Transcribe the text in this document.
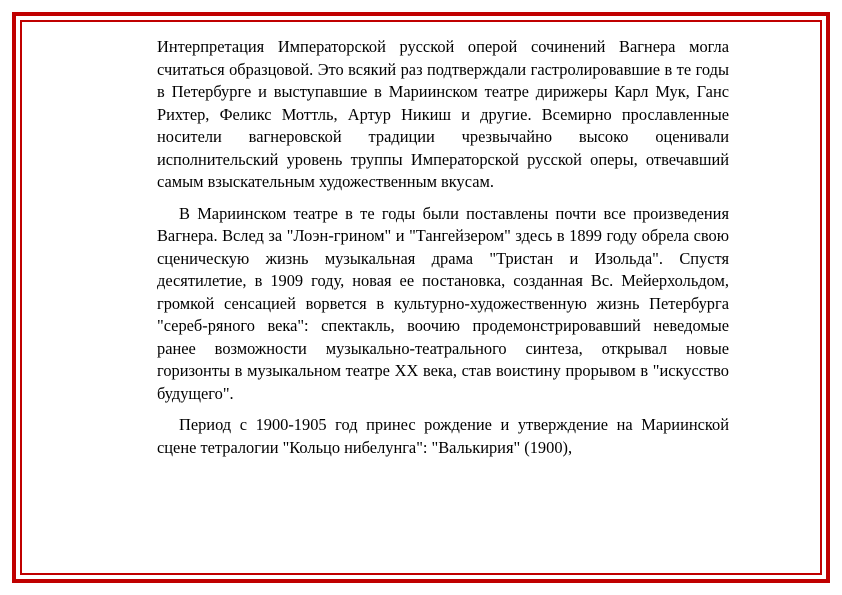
Интерпретация Императорской русской оперой сочинений Вагнера могла считаться образцовой. Это всякий раз подтверждали гастролировавшие в те годы в Петербурге и выступавшие в Мариинском театре дирижеры Карл Мук, Ганс Рихтер, Феликс Моттль, Артур Никиш и другие. Всемирно прославленные носители вагнеровской традиции чрезвычайно высоко оценивали исполнительский уровень труппы Императорской русской оперы, отвечавший самым взыскательным художественным вкусам.

В Мариинском театре в те годы были поставлены почти все произведения Вагнера. Вслед за "Лоэн-грином" и "Тангейзером" здесь в 1899 году обрела свою сценическую жизнь музыкальная драма "Тристан и Изольда". Спустя десятилетие, в 1909 году, новая ее постановка, созданная Вс. Мейерхольдом, громкой сенсацией ворвется в культурно-художественную жизнь Петербурга "сереб-ряного века": спектакль, воочию продемонстрировавший неведомые ранее возможности музыкально-театрального синтеза, открывал новые горизонты в музыкальном театре XX века, став воистину прорывом в "искусство будущего".

Период с 1900-1905 год принес рождение и утверждение на Мариинской сцене тетралогии "Кольцо нибелунга": "Валькирия" (1900),
